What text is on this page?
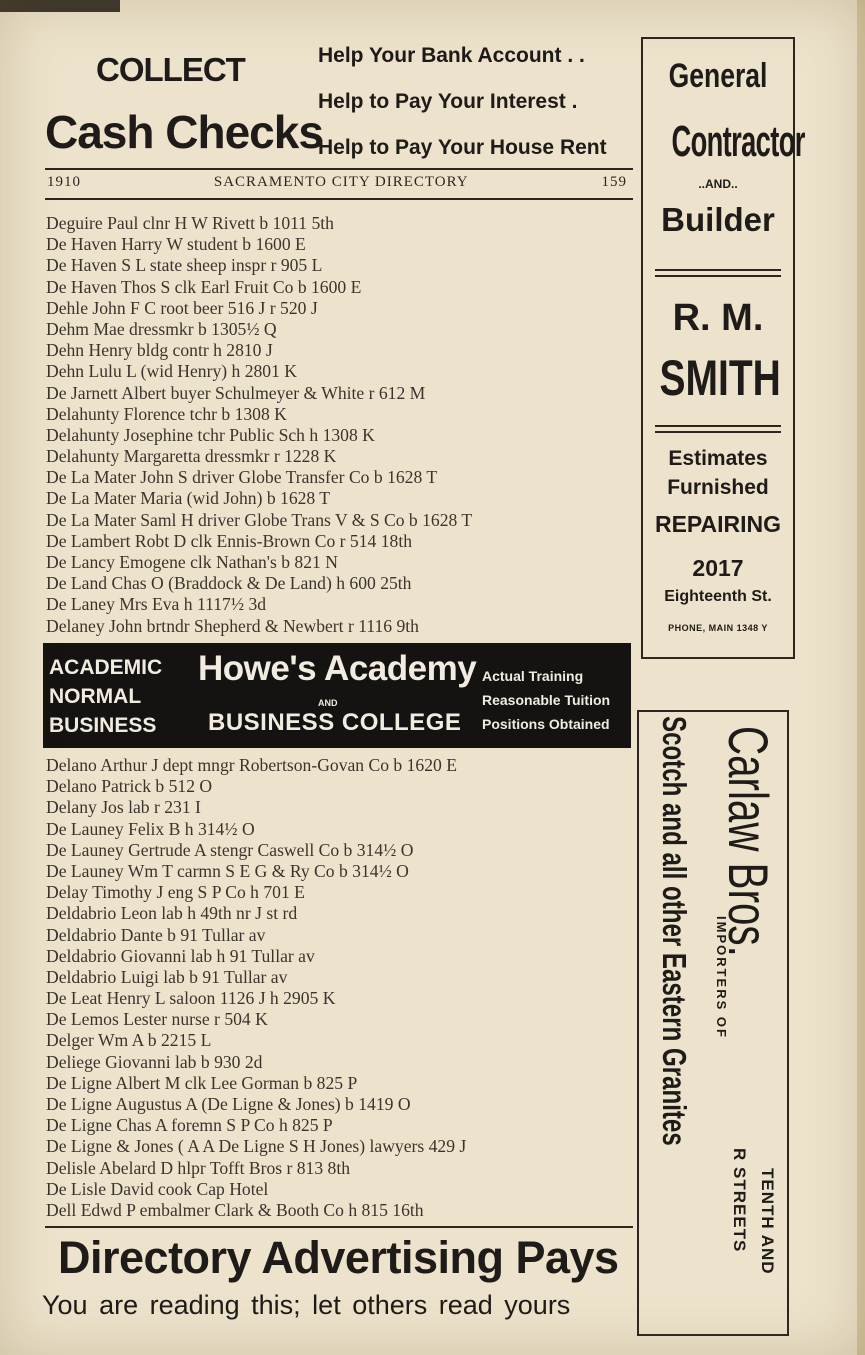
COLLECT
Cash Checks
Help Your Bank Account . .
Help to Pay Your Interest .
Help to Pay Your House Rent
1910	SACRAMENTO CITY DIRECTORY	159
Deguire Paul clnr H W Rivett b 1011 5th
De Haven Harry W student b 1600 E
De Haven S L state sheep inspr r 905 L
De Haven Thos S clk Earl Fruit Co b 1600 E
Dehle John F C root beer 516 J r 520 J
Dehm Mae dressmkr b 1305½ Q
Dehn Henry bldg contr h 2810 J
Dehn Lulu L (wid Henry) h 2801 K
De Jarnett Albert buyer Schulmeyer & White r 612 M
Delahunty Florence tchr b 1308 K
Delahunty Josephine tchr Public Sch h 1308 K
Delahunty Margaretta dressmkr r 1228 K
De La Mater John S driver Globe Transfer Co b 1628 T
De La Mater Maria (wid John) b 1628 T
De La Mater Saml H driver Globe Trans V & S Co b 1628 T
De Lambert Robt D clk Ennis-Brown Co r 514 18th
De Lancy Emogene clk Nathan's b 821 N
De Land Chas O (Braddock & De Land) h 600 25th
De Laney Mrs Eva h 1117½ 3d
Delaney John brtndr Shepherd & Newbert r 1116 9th
ACADEMIC
NORMAL
BUSINESS
Howe's Academy
AND
BUSINESS COLLEGE
Actual Training
Reasonable Tuition
Positions Obtained
Delano Arthur J dept mngr Robertson-Govan Co b 1620 E
Delano Patrick b 512 O
Delany Jos lab r 231 I
De Launey Felix B h 314½ O
De Launey Gertrude A stengr Caswell Co b 314½ O
De Launey Wm T carmn S E G & Ry Co b 314½ O
Delay Timothy J eng S P Co h 701 E
Deldabrio Leon lab h 49th nr J st rd
Deldabrio Dante b 91 Tullar av
Deldabrio Giovanni lab h 91 Tullar av
Deldabrio Luigi lab b 91 Tullar av
De Leat Henry L saloon 1126 J h 2905 K
De Lemos Lester nurse r 504 K
Delger Wm A b 2215 L
Deliege Giovanni lab b 930 2d
De Ligne Albert M clk Lee Gorman b 825 P
De Ligne Augustus A (De Ligne & Jones) b 1419 O
De Ligne Chas A foremn S P Co h 825 P
De Ligne & Jones ( A A De Ligne S H Jones) lawyers 429 J
Delisle Abelard D hlpr Tofft Bros r 813 8th
De Lisle David cook Cap Hotel
Dell Edwd P embalmer Clark & Booth Co h 815 16th
Directory Advertising Pays
You are reading this; let others read yours
General
Contractor
..AND..
Builder
R. M.
SMITH
Estimates
Furnished
REPAIRING
2017
Eighteenth St.
PHONE, MAIN 1348 Y
Carlaw Bros.
IMPORTERS OF
Scotch and all other Eastern Granites
TENTH AND
R STREETS
